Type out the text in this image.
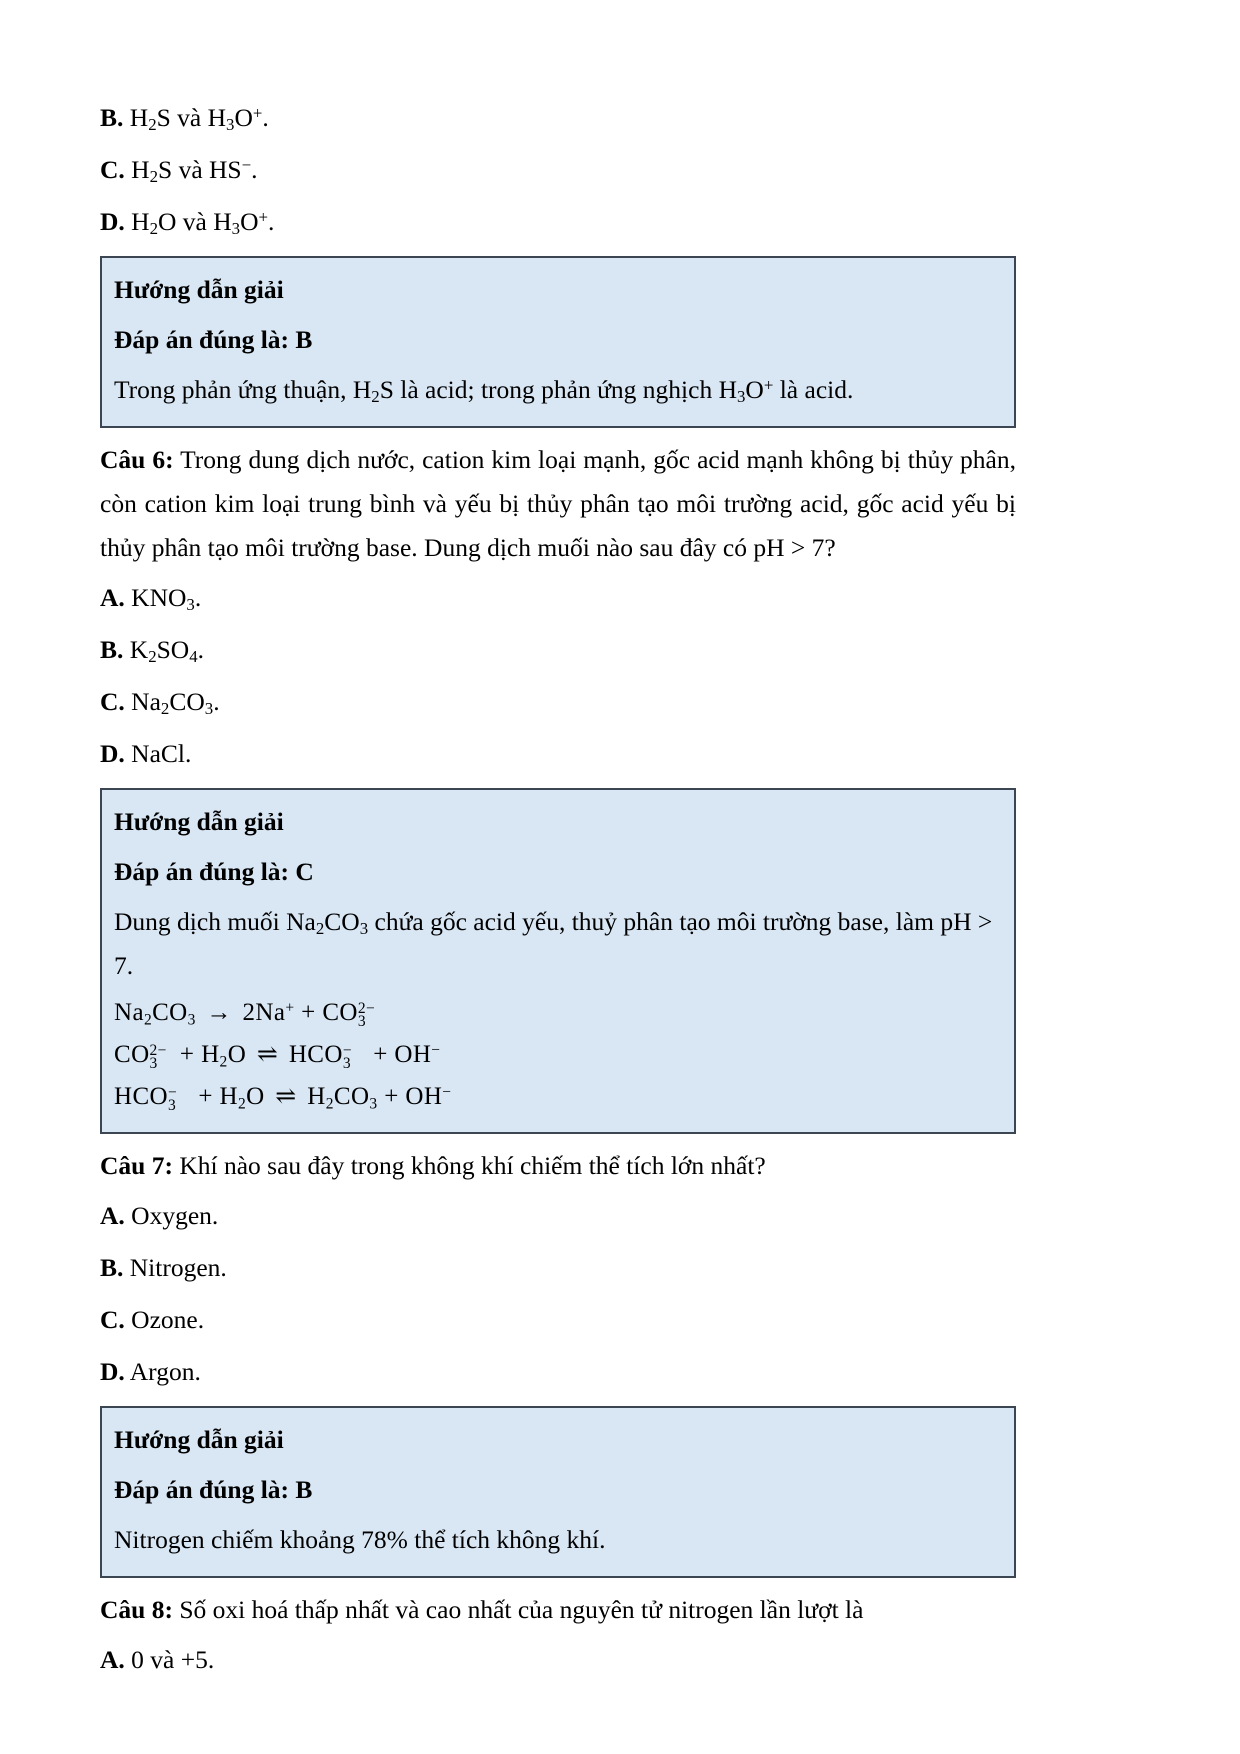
B. $H_2S$ và $H_3O^+$.
C. $H_2S$ và HS−.
D. $H_2O$ và $H_3O^+$.
Hướng dẫn giải
Đáp án đúng là: B
Trong phản ứng thuận, $H_2S$ là acid; trong phản ứng nghịch $H_3O^+$ là acid.
Câu 6: Trong dung dịch nước, cation kim loại mạnh, gốc acid mạnh không bị thủy phân, còn cation kim loại trung bình và yếu bị thủy phân tạo môi trường acid, gốc acid yếu bị thủy phân tạo môi trường base. Dung dịch muối nào sau đây có pH > 7?
A. $KNO_3$.
B. $K_2SO_4$.
C. $Na_2CO_3$.
D. NaCl.
Hướng dẫn giải
Đáp án đúng là: C
Dung dịch muối $Na_2CO_3$ chứa gốc acid yếu, thuỷ phân tạo môi trường base, làm pH > 7.
$Na_2CO_3 \to 2Na^+$ + CO 2−
3
CO 2−
$3 + H_2O$ ⇌ HCO −
3 + OH−
HCO −
$3 + H_2O$ ⇌ $H_2CO_3 + OH^-$
Câu 7: Khí nào sau đây trong không khí chiếm thể tích lớn nhất?
A. Oxygen.
B. Nitrogen.
C. Ozone.
D. Argon.
Hướng dẫn giải
Đáp án đúng là: B
Nitrogen chiếm khoảng 78% thể tích không khí.
Câu 8: Số oxi hoá thấp nhất và cao nhất của nguyên tử nitrogen lần lượt là
A. 0 và +5.
